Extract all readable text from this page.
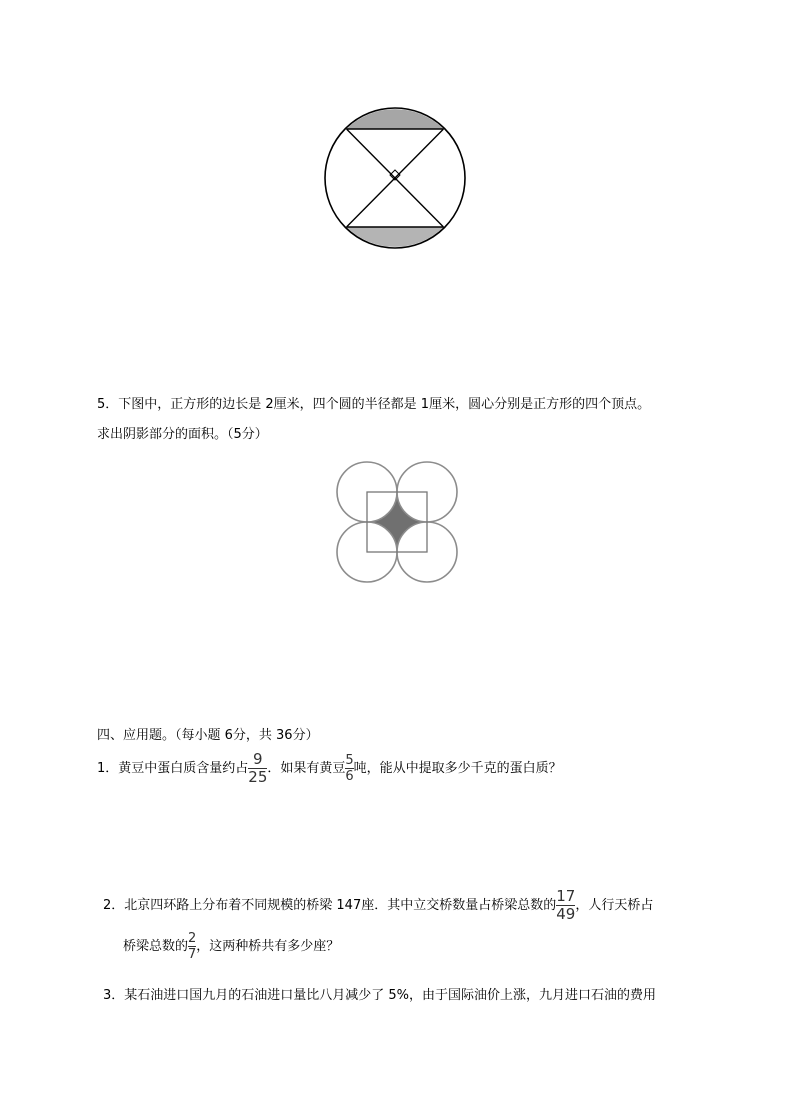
5．下图中，正方形的边长是 2厘米，四个圆的半径都是 1厘米，圆心分别是正方形的四个顶点。
求出阴影部分的面积。（5分）
四、应用题。（每小题 6分，共 36分）
1．黄豆中蛋白质含量约占 $\frac{9}{25}$ ．如果有黄豆 $\frac{5}{6}$ 吨，能从中提取多少千克的蛋白质？
2．北京四环路上分布着不同规模的桥梁 147座．其中立交桥数量占桥梁总数的 $\frac{17}{49}$ ，人行天桥占
桥梁总数的 $\frac{2}{7}$ ，这两种桥共有多少座？
3．某石油进口国九月的石油进口量比八月减少了 5%，由于国际油价上涨，九月进口石油的费用
